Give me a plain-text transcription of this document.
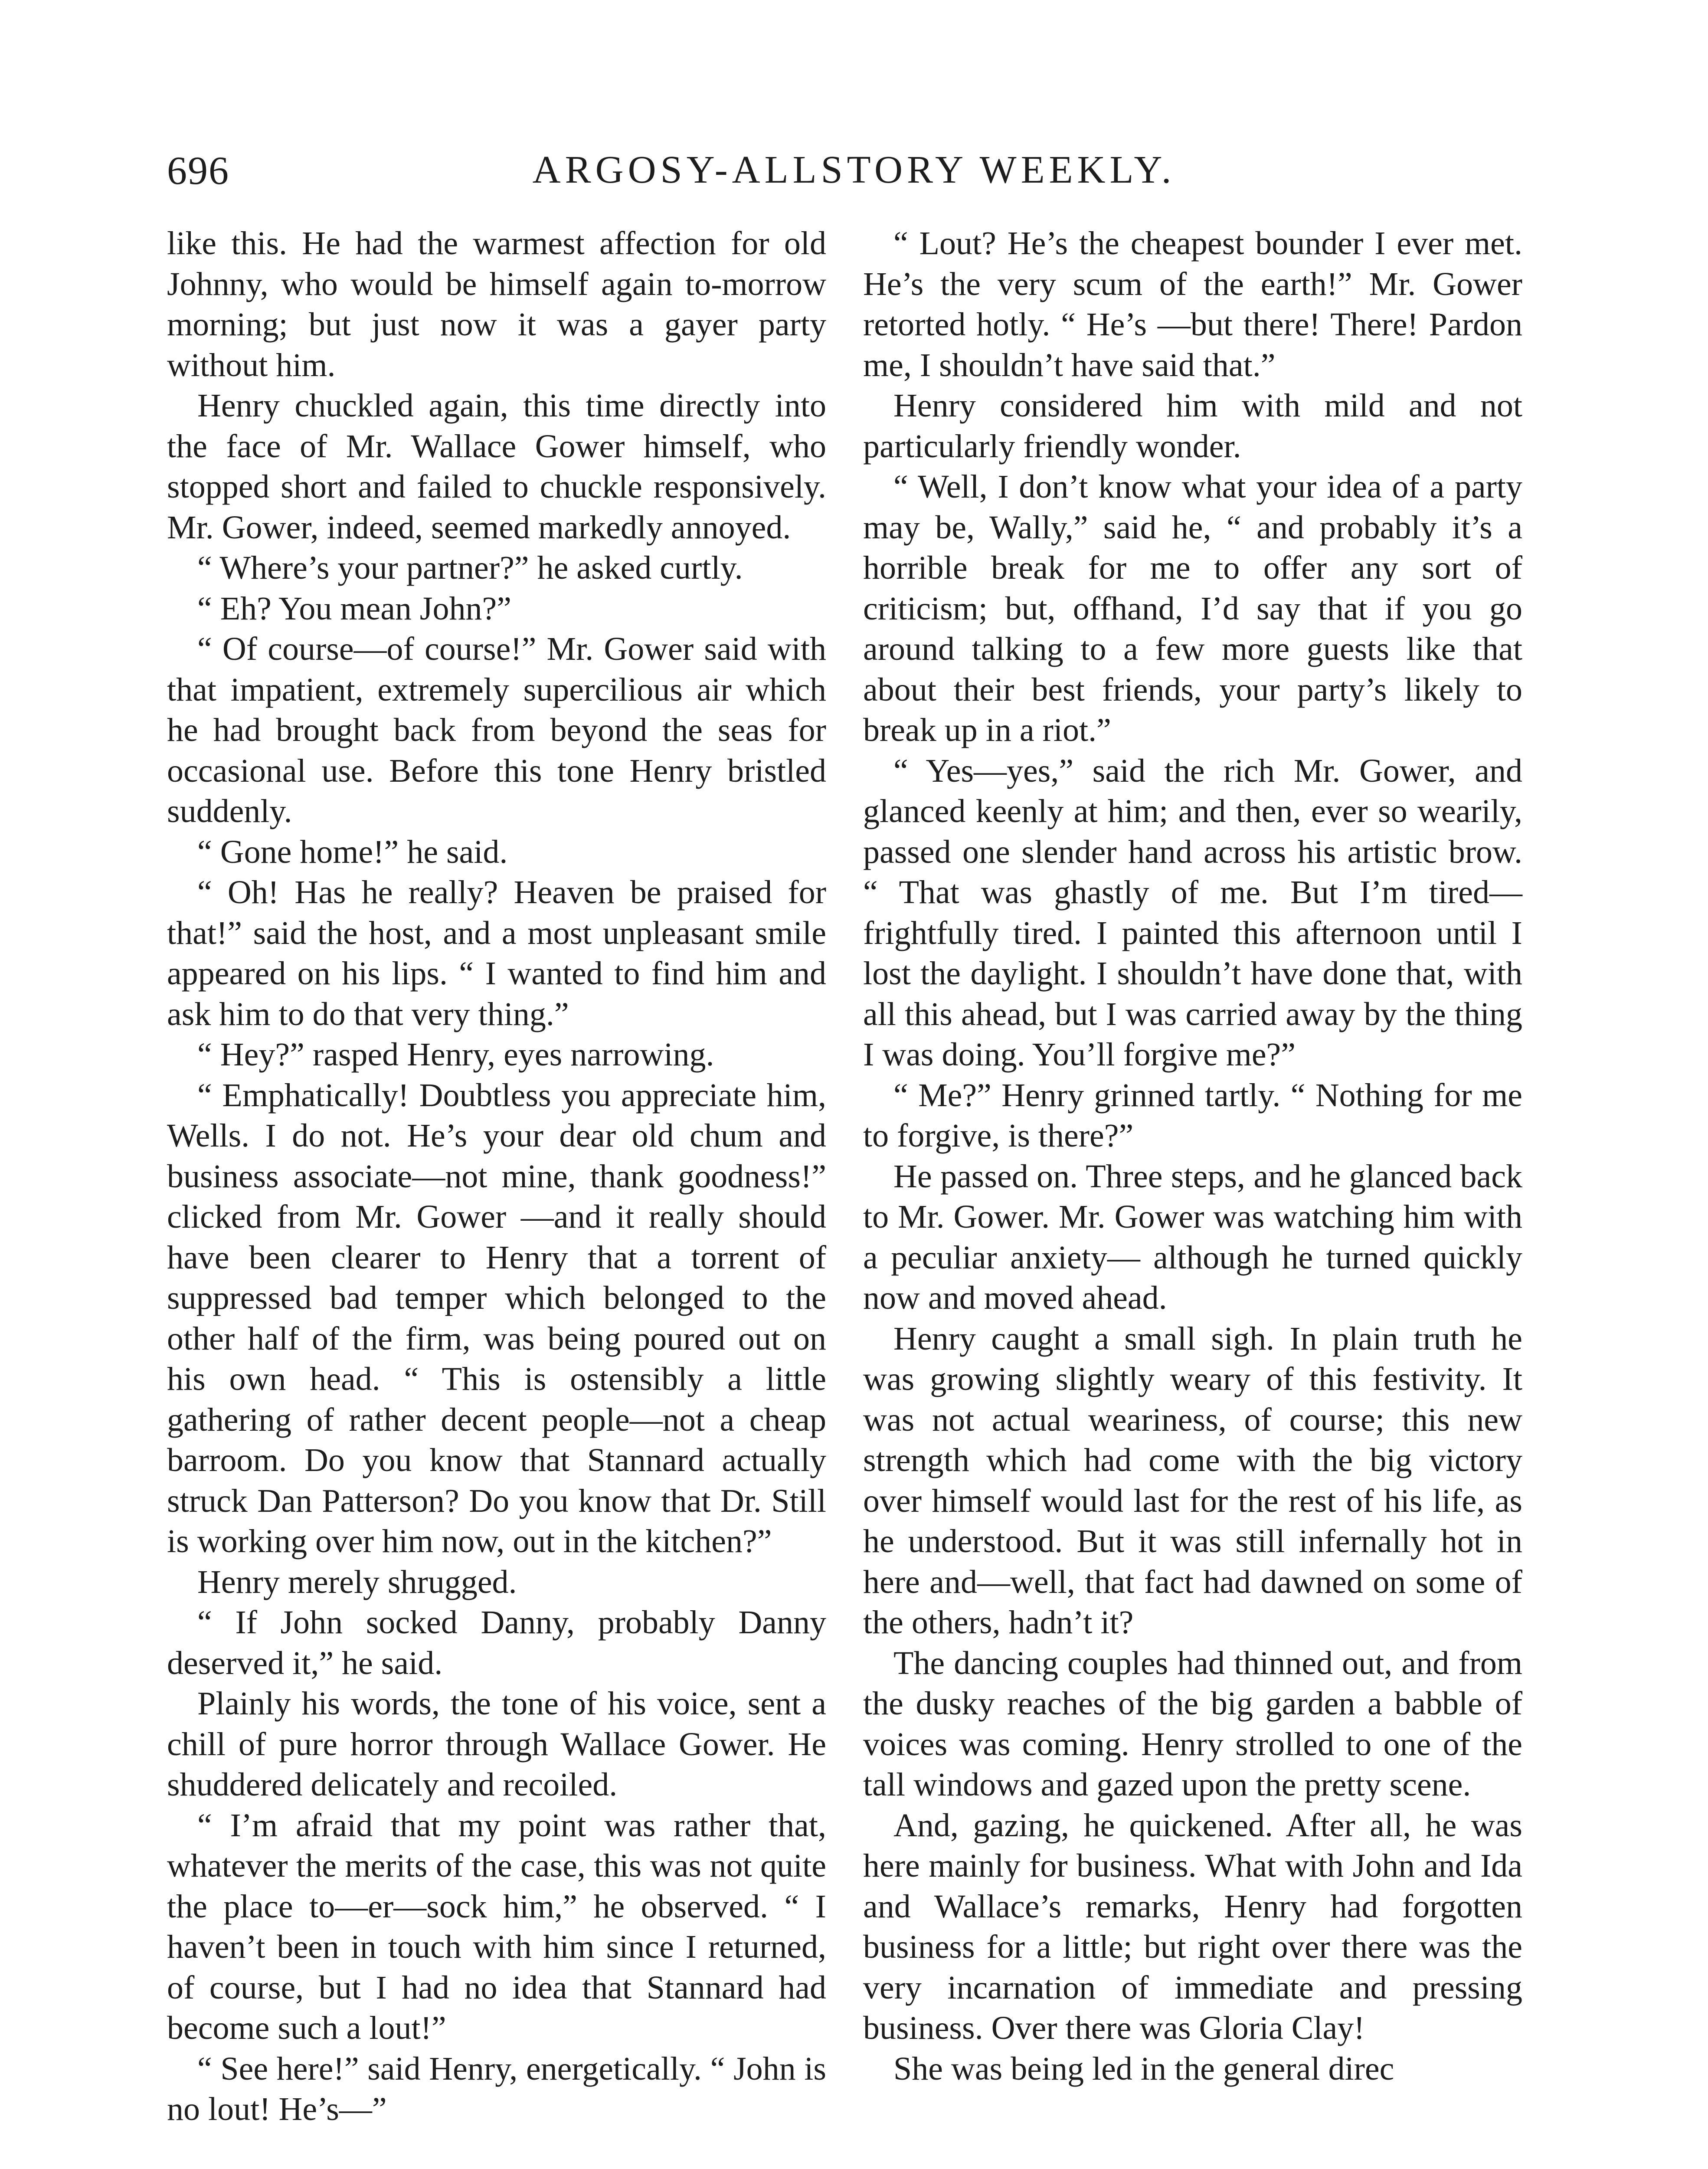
696	ARGOSY-ALLSTORY WEEKLY.

like this. He had the warmest affection for old Johnny, who would be himself again to-morrow morning; but just now it was a gayer party without him.

Henry chuckled again, this time directly into the face of Mr. Wallace Gower himself, who stopped short and failed to chuckle responsively. Mr. Gower, indeed, seemed markedly annoyed.

“ Where’s your partner?” he asked curtly.

“ Eh? You mean John?”

“ Of course—of course!” Mr. Gower said with that impatient, extremely supercilious air which he had brought back from beyond the seas for occasional use. Before this tone Henry bristled suddenly.

“ Gone home!” he said.

“ Oh! Has he really? Heaven be praised for that!” said the host, and a most unpleasant smile appeared on his lips. “ I wanted to find him and ask him to do that very thing.”

“ Hey?” rasped Henry, eyes narrowing.

“ Emphatically! Doubtless you appreciate him, Wells. I do not. He’s your dear old chum and business associate—not mine, thank goodness!” clicked from Mr. Gower —and it really should have been clearer to Henry that a torrent of suppressed bad temper which belonged to the other half of the firm, was being poured out on his own head. “ This is ostensibly a little gathering of rather decent people—not a cheap barroom. Do you know that Stannard actually struck Dan Patterson? Do you know that Dr. Still is working over him now, out in the kitchen?”

Henry merely shrugged.

“ If John socked Danny, probably Danny deserved it,” he said.

Plainly his words, the tone of his voice, sent a chill of pure horror through Wallace Gower. He shuddered delicately and recoiled.

“ I’m afraid that my point was rather that, whatever the merits of the case, this was not quite the place to—er—sock him,” he observed. “ I haven’t been in touch with him since I returned, of course, but I had no idea that Stannard had become such a lout!”

“ See here!” said Henry, energetically. “ John is no lout! He’s—”

“ Lout? He’s the cheapest bounder I ever met. He’s the very scum of the earth!” Mr. Gower retorted hotly. “ He’s —but there! There! Pardon me, I shouldn’t have said that.”

Henry considered him with mild and not particularly friendly wonder.

“ Well, I don’t know what your idea of a party may be, Wally,” said he, “ and probably it’s a horrible break for me to offer any sort of criticism; but, offhand, I’d say that if you go around talking to a few more guests like that about their best friends, your party’s likely to break up in a riot.”

“ Yes—yes,” said the rich Mr. Gower, and glanced keenly at him; and then, ever so wearily, passed one slender hand across his artistic brow. “ That was ghastly of me. But I’m tired—frightfully tired. I painted this afternoon until I lost the daylight. I shouldn’t have done that, with all this ahead, but I was carried away by the thing I was doing. You’ll forgive me?”

“ Me?” Henry grinned tartly. “ Nothing for me to forgive, is there?”

He passed on. Three steps, and he glanced back to Mr. Gower. Mr. Gower was watching him with a peculiar anxiety— although he turned quickly now and moved ahead.

Henry caught a small sigh. In plain truth he was growing slightly weary of this festivity. It was not actual weariness, of course; this new strength which had come with the big victory over himself would last for the rest of his life, as he understood. But it was still infernally hot in here and—well, that fact had dawned on some of the others, hadn’t it?

The dancing couples had thinned out, and from the dusky reaches of the big garden a babble of voices was coming. Henry strolled to one of the tall windows and gazed upon the pretty scene.

And, gazing, he quickened. After all, he was here mainly for business. What with John and Ida and Wallace’s remarks, Henry had forgotten business for a little; but right over there was the very incarnation of immediate and pressing business. Over there was Gloria Clay!

She was being led in the general direc
